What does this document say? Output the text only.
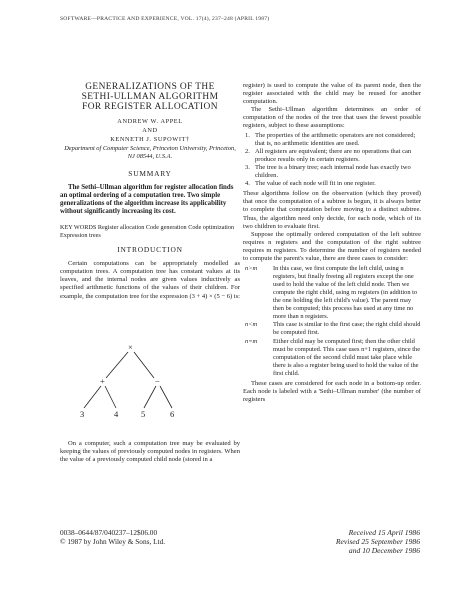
SOFTWARE—PRACTICE AND EXPERIENCE, VOL. 17(4), 237–248 (APRIL 1987)
GENERALIZATIONS OF THE
SETHI-ULLMAN ALGORITHM
FOR REGISTER ALLOCATION
ANDREW W. APPEL
AND
KENNETH J. SUPOWIT†
Department of Computer Science, Princeton University, Princeton, NJ 08544, U.S.A.
SUMMARY

The Sethi–Ullman algorithm for register allocation finds an optimal ordering of a computation tree. Two simple generalizations of the algorithm increase its applicability without significantly increasing its cost.

KEY WORDS Register allocation Code generation Code optimization Expression trees

INTRODUCTION

Certain computations can be appropriately modelled as computation trees. A computation tree has constant values at its leaves, and the internal nodes are given values inductively as specified arithmetic functions of the values of their children. For example, the computation tree for the expression (3 + 4) × (5 − 6) is:

×
+	−
3	4	5	6

On a computer, such a computation tree may be evaluated by keeping the values of previously computed nodes in registers. When the value of a previously computed child node (stored in a

register) is used to compute the value of its parent node, then the register associated with the child may be reused for another computation.

The Sethi–Ullman algorithm determines an order of computation of the nodes of the tree that uses the fewest possible registers, subject to these assumptions:

1. The properties of the arithmetic operators are not considered; that is, no arithmetic identities are used.
2. All registers are equivalent; there are no operations that can produce results only in certain registers.
3. The tree is a binary tree; each internal node has exactly two children.
4. The value of each node will fit in one register.

These algorithms follow on the observation (which they proved) that once the computation of a subtree is begun, it is always better to complete that computation before moving to a distinct subtree. Thus, the algorithm need only decide, for each node, which of its two children to evaluate first.

Suppose the optimally ordered computation of the left subtree requires n registers and the computation of the right subtree requires m registers. To determine the number of registers needed to compute the parent's value, there are three cases to consider:

n>m In this case, we first compute the left child, using n registers, but finally freeing all registers except the one used to hold the value of the left child node. Then we compute the right child, using m registers (in addition to the one holding the left child's value). The parent may then be computed; this process has used at any time no more than n registers.
n<m This case is similar to the first case; the right child should be computed first.
n=m Either child may be computed first; then the other child must be computed. This case uses n+1 registers, since the computation of the second child must take place while there is also a register being used to hold the value of the first child.

These cases are considered for each node in a bottom-up order. Each node is labeled with a 'Sethi–Ullman number' (the number of registers

0038–0644/87/040237–12$06.00
© 1987 by John Wiley & Sons, Ltd.
Received 15 April 1986
Revised 25 September 1986
and 10 December 1986
